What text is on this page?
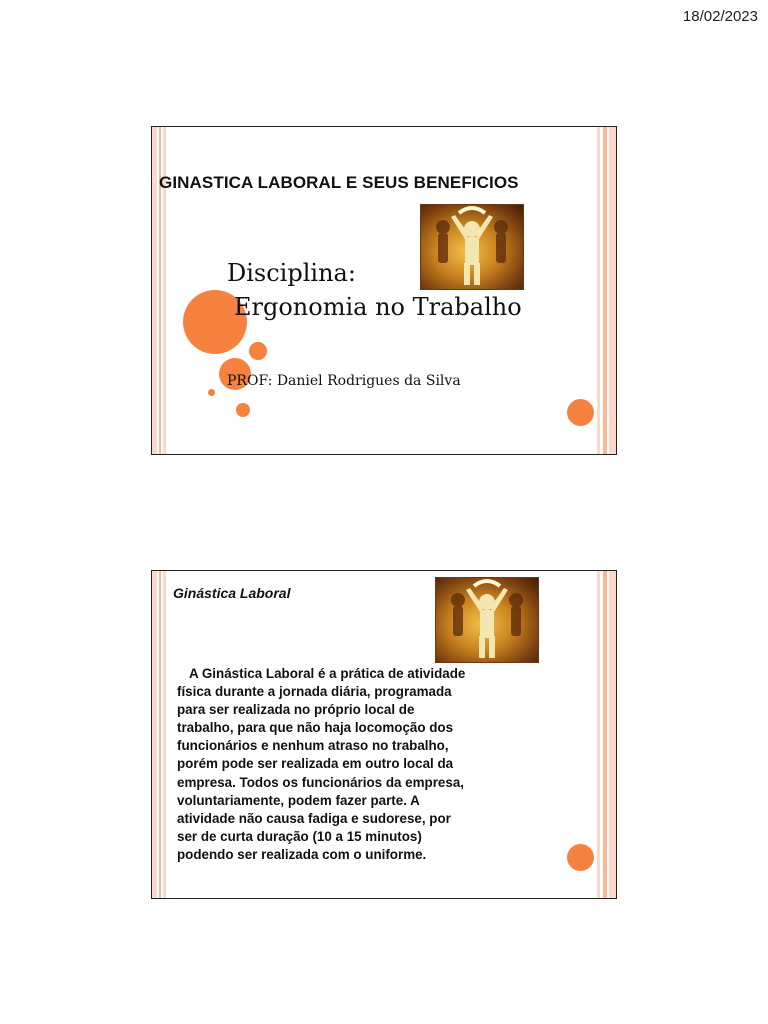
18/02/2023
GINASTICA LABORAL E SEUS BENEFICIOS
Disciplina:
Ergonomia no Trabalho
PROF: Daniel Rodrigues da Silva
Ginástica Laboral
A Ginástica Laboral é a prática de atividade
física durante a jornada diária, programada
para ser realizada no próprio local de
trabalho, para que não haja locomoção dos
funcionários e nenhum atraso no trabalho,
porém pode ser realizada em outro local da
empresa. Todos os funcionários da empresa,
voluntariamente, podem fazer parte. A
atividade não causa fadiga e sudorese, por
ser de curta duração (10 a 15 minutos)
podendo ser realizada com o uniforme.
